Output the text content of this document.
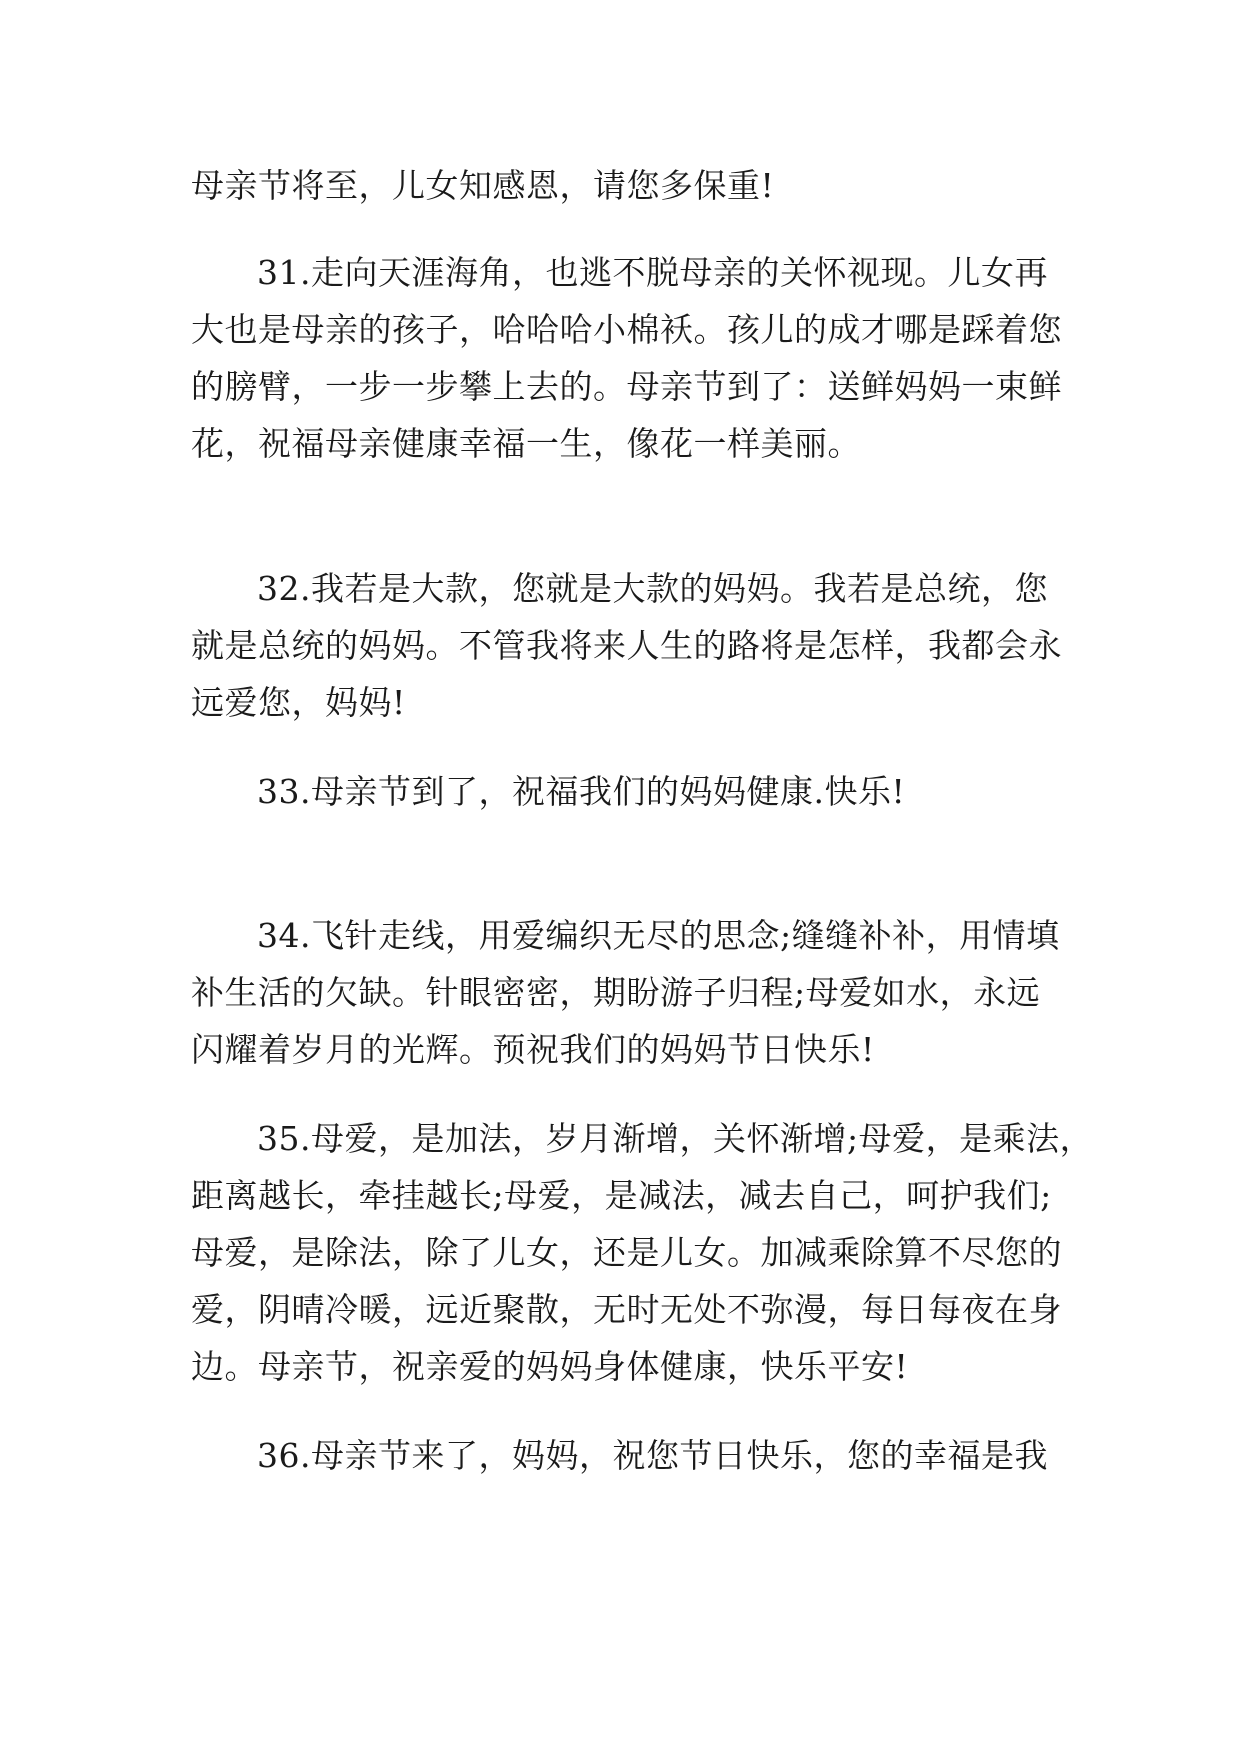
母亲节将至，儿女知感恩，请您多保重!
31.走向天涯海角，也逃不脱母亲的关怀视现。儿女再
大也是母亲的孩子，哈哈哈小棉袄。孩儿的成才哪是踩着您
的膀臂，一步一步攀上去的。母亲节到了：送鲜妈妈一束鲜
花，祝福母亲健康幸福一生，像花一样美丽。
32.我若是大款，您就是大款的妈妈。我若是总统，您
就是总统的妈妈。不管我将来人生的路将是怎样，我都会永
远爱您，妈妈!
33.母亲节到了，祝福我们的妈妈健康.快乐!
34.飞针走线，用爱编织无尽的思念;缝缝补补，用情填
补生活的欠缺。针眼密密，期盼游子归程;母爱如水，永远
闪耀着岁月的光辉。预祝我们的妈妈节日快乐!
35.母爱，是加法，岁月渐增，关怀渐增;母爱，是乘法，
距离越长，牵挂越长;母爱，是减法，减去自己，呵护我们;
母爱，是除法，除了儿女，还是儿女。加减乘除算不尽您的
爱，阴晴冷暖，远近聚散，无时无处不弥漫，每日每夜在身
边。母亲节，祝亲爱的妈妈身体健康，快乐平安!
36.母亲节来了，妈妈，祝您节日快乐，您的幸福是我
